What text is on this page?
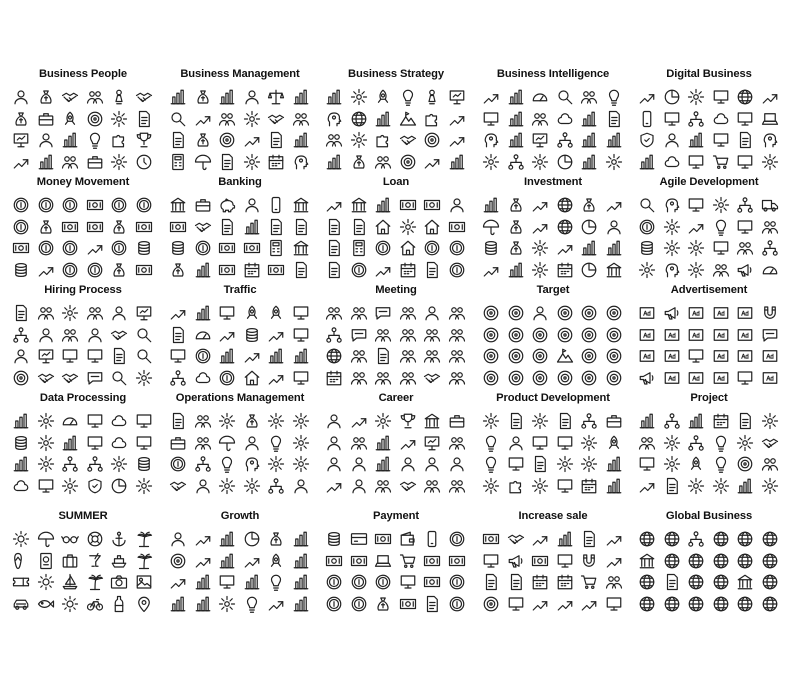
Business People	Business Management	Business Strategy	Business Intelligence	Digital Business
Money Movement	Banking	Loan	Investment	Agile Development
Hiring Process	Traffic	Meeting	Target	Advertisement
Ad	Ad Ad Ad
Ad Ad Ad Ad Ad
Ad Ad	Ad Ad Ad
Ad Ad Ad	Ad
Data Processing	Operations Management	Career	Product Development	Project
SUMMER	Growth	Payment	Increase sale	Global Business
